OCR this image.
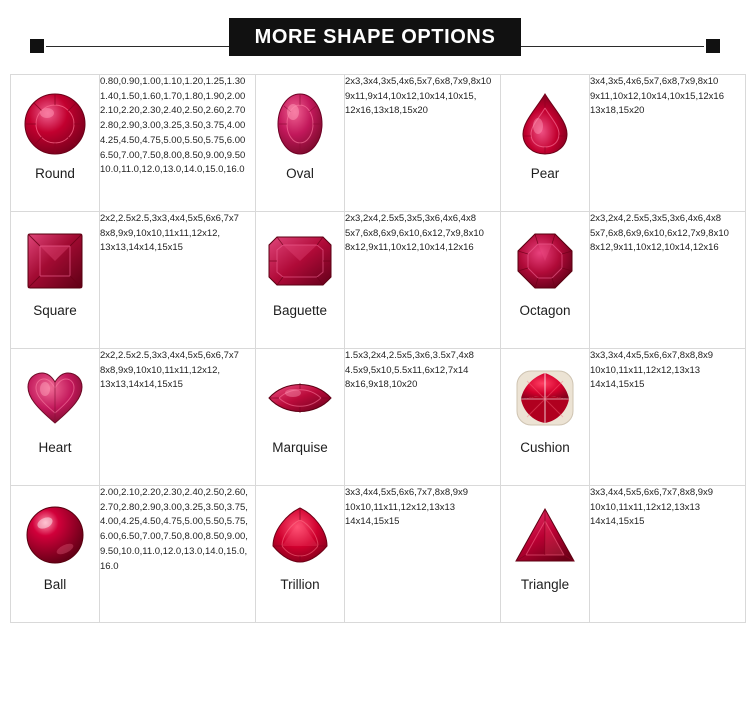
MORE SHAPE OPTIONS
Round	0.80,0.90,1.00,1.10,1.20,1.25,1.30 1.40,1.50,1.60,1.70,1.80,1.90,2.00 2.10,2.20,2.30,2.40,2.50,2.60,2.70 2.80,2.90,3.00,3.25,3.50,3.75,4.00 4.25,4.50,4.75,5.00,5.50,5.75,6.00 6.50,7.00,7.50,8.00,8.50,9.00,9.50 10.0,11.0,12.0,13.0,14.0,15.0,16.0	Oval	2x3,3x4,3x5,4x6,5x7,6x8,7x9,8x10 9x11,9x14,10x12,10x14,10x15, 12x16,13x18,15x20	Pear	3x4,3x5,4x6,5x7,6x8,7x9,8x10 9x11,10x12,10x14,10x15,12x16 13x18,15x20

Square	2x2,2.5x2.5,3x3,4x4,5x5,6x6,7x7 8x8,9x9,10x10,11x11,12x12, 13x13,14x14,15x15	Baguette	2x3,2x4,2.5x5,3x5,3x6,4x6,4x8 5x7,6x8,6x9,6x10,6x12,7x9,8x10 8x12,9x11,10x12,10x14,12x16	Octagon	2x3,2x4,2.5x5,3x5,3x6,4x6,4x8 5x7,6x8,6x9,6x10,6x12,7x9,8x10 8x12,9x11,10x12,10x14,12x16

Heart	2x2,2.5x2.5,3x3,4x4,5x5,6x6,7x7 8x8,9x9,10x10,11x11,12x12, 13x13,14x14,15x15	Marquise	1.5x3,2x4,2.5x5,3x6,3.5x7,4x8 4.5x9,5x10,5.5x11,6x12,7x14 8x16,9x18,10x20	Cushion	3x3,3x4,4x5,5x6,6x7,8x8,8x9 10x10,11x11,12x12,13x13 14x14,15x15

Ball	2.00,2.10,2.20,2.30,2.40,2.50,2.60, 2.70,2.80,2.90,3.00,3.25,3.50,3.75, 4.00,4.25,4.50,4.75,5.00,5.50,5.75, 6.00,6.50,7.00,7.50,8.00,8.50,9.00, 9.50,10.0,11.0,12.0,13.0,14.0,15.0, 16.0	Trillion	3x3,4x4,5x5,6x6,7x7,8x8,9x9 10x10,11x11,12x12,13x13 14x14,15x15	Triangle	3x3,4x4,5x5,6x6,7x7,8x8,9x9 10x10,11x11,12x12,13x13 14x14,15x15
